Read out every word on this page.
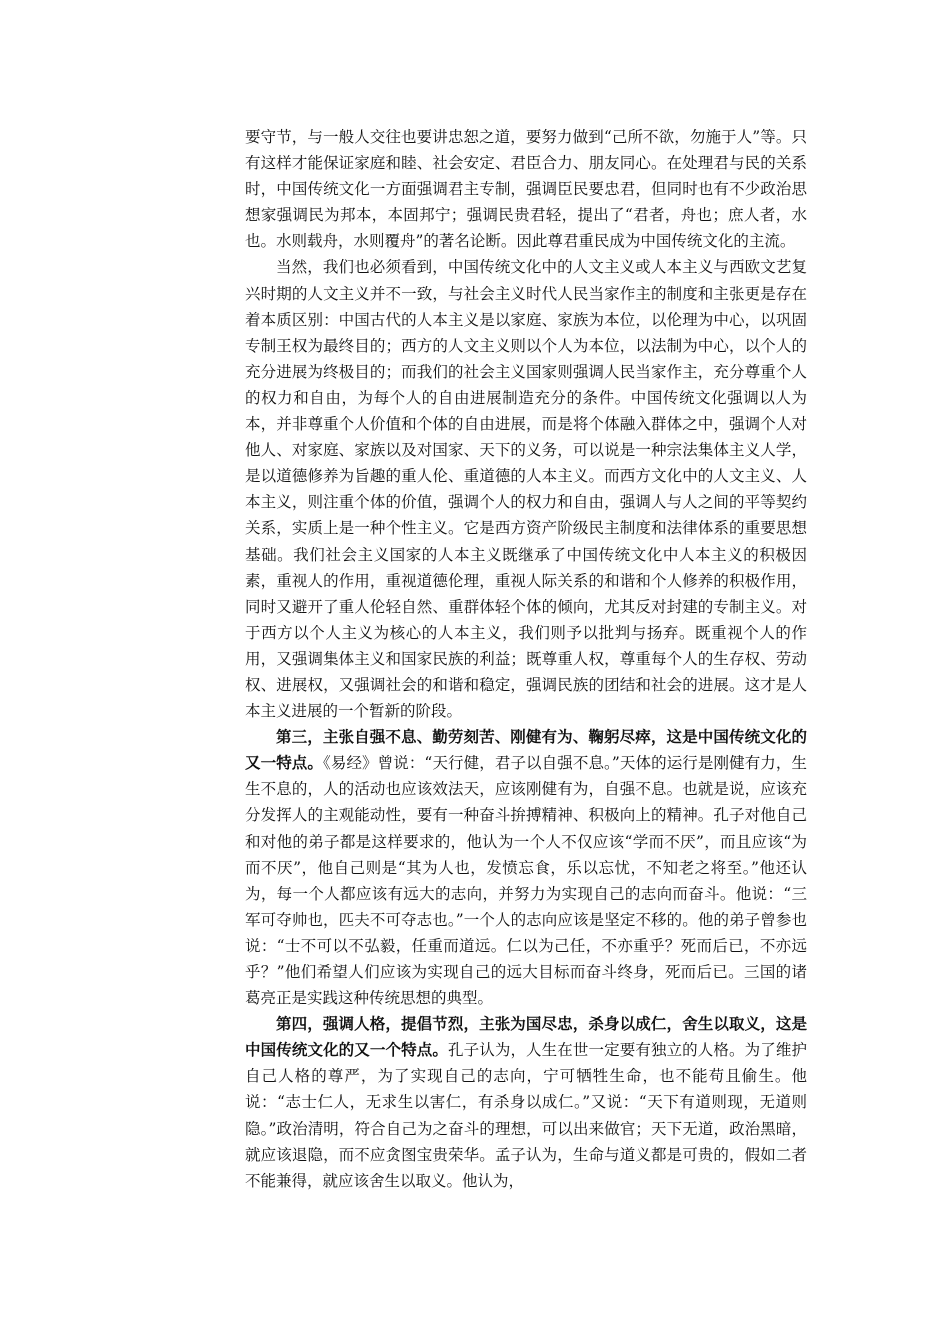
要守节，与一般人交往也要讲忠恕之道，要努力做到“己所不欲，勿施于人”等。只有这样才能保证家庭和睦、社会安定、君臣合力、朋友同心。在处理君与民的关系时，中国传统文化一方面强调君主专制，强调臣民要忠君，但同时也有不少政治思想家强调民为邦本，本固邦宁；强调民贵君轻，提出了“君者，舟也；庶人者，水也。水则载舟，水则覆舟”的著名论断。因此尊君重民成为中国传统文化的主流。

当然，我们也必须看到，中国传统文化中的人文主义或人本主义与西欧文艺复兴时期的人文主义并不一致，与社会主义时代人民当家作主的制度和主张更是存在着本质区别：中国古代的人本主义是以家庭、家族为本位，以伦理为中心，以巩固专制王权为最终目的；西方的人文主义则以个人为本位，以法制为中心，以个人的充分进展为终极目的；而我们的社会主义国家则强调人民当家作主，充分尊重个人的权力和自由，为每个人的自由进展制造充分的条件。中国传统文化强调以人为本，并非尊重个人价值和个体的自由进展，而是将个体融入群体之中，强调个人对他人、对家庭、家族以及对国家、天下的义务，可以说是一种宗法集体主义人学，是以道德修养为旨趣的重人伦、重道德的人本主义。而西方文化中的人文主义、人本主义，则注重个体的价值，强调个人的权力和自由，强调人与人之间的平等契约关系，实质上是一种个性主义。它是西方资产阶级民主制度和法律体系的重要思想基础。我们社会主义国家的人本主义既继承了中国传统文化中人本主义的积极因素，重视人的作用，重视道德伦理，重视人际关系的和谐和个人修养的积极作用，同时又避开了重人伦轻自然、重群体轻个体的倾向，尤其反对封建的专制主义。对于西方以个人主义为核心的人本主义，我们则予以批判与扬弃。既重视个人的作用，又强调集体主义和国家民族的利益；既尊重人权，尊重每个人的生存权、劳动权、进展权，又强调社会的和谐和稳定，强调民族的团结和社会的进展。这才是人本主义进展的一个暂新的阶段。

第三，主张自强不息、勤劳刻苦、刚健有为、鞠躬尽瘁，这是中国传统文化的又一特点。《易经》曾说：“天行健，君子以自强不息。”天体的运行是刚健有力，生生不息的，人的活动也应该效法天，应该刚健有为，自强不息。也就是说，应该充分发挥人的主观能动性，要有一种奋斗拚搏精神、积极向上的精神。孔子对他自己和对他的弟子都是这样要求的，他认为一个人不仅应该“学而不厌”，而且应该“为而不厌”，他自己则是“其为人也，发愤忘食，乐以忘忧，不知老之将至。”他还认为，每一个人都应该有远大的志向，并努力为实现自己的志向而奋斗。他说：“三军可夺帅也，匹夫不可夺志也。”一个人的志向应该是坚定不移的。他的弟子曾参也说：“士不可以不弘毅，任重而道远。仁以为己任，不亦重乎？死而后已，不亦远乎？”他们希望人们应该为实现自己的远大目标而奋斗终身，死而后已。三国的诸葛亮正是实践这种传统思想的典型。

第四，强调人格，提倡节烈，主张为国尽忠，杀身以成仁，舍生以取义，这是中国传统文化的又一个特点。孔子认为，人生在世一定要有独立的人格。为了维护自己人格的尊严，为了实现自己的志向，宁可牺牲生命，也不能苟且偷生。他说：“志士仁人，无求生以害仁，有杀身以成仁。”又说：“天下有道则现，无道则隐。”政治清明，符合自己为之奋斗的理想，可以出来做官；天下无道，政治黑暗，就应该退隐，而不应贪图宝贵荣华。孟子认为，生命与道义都是可贵的，假如二者不能兼得，就应该舍生以取义。他认为，
